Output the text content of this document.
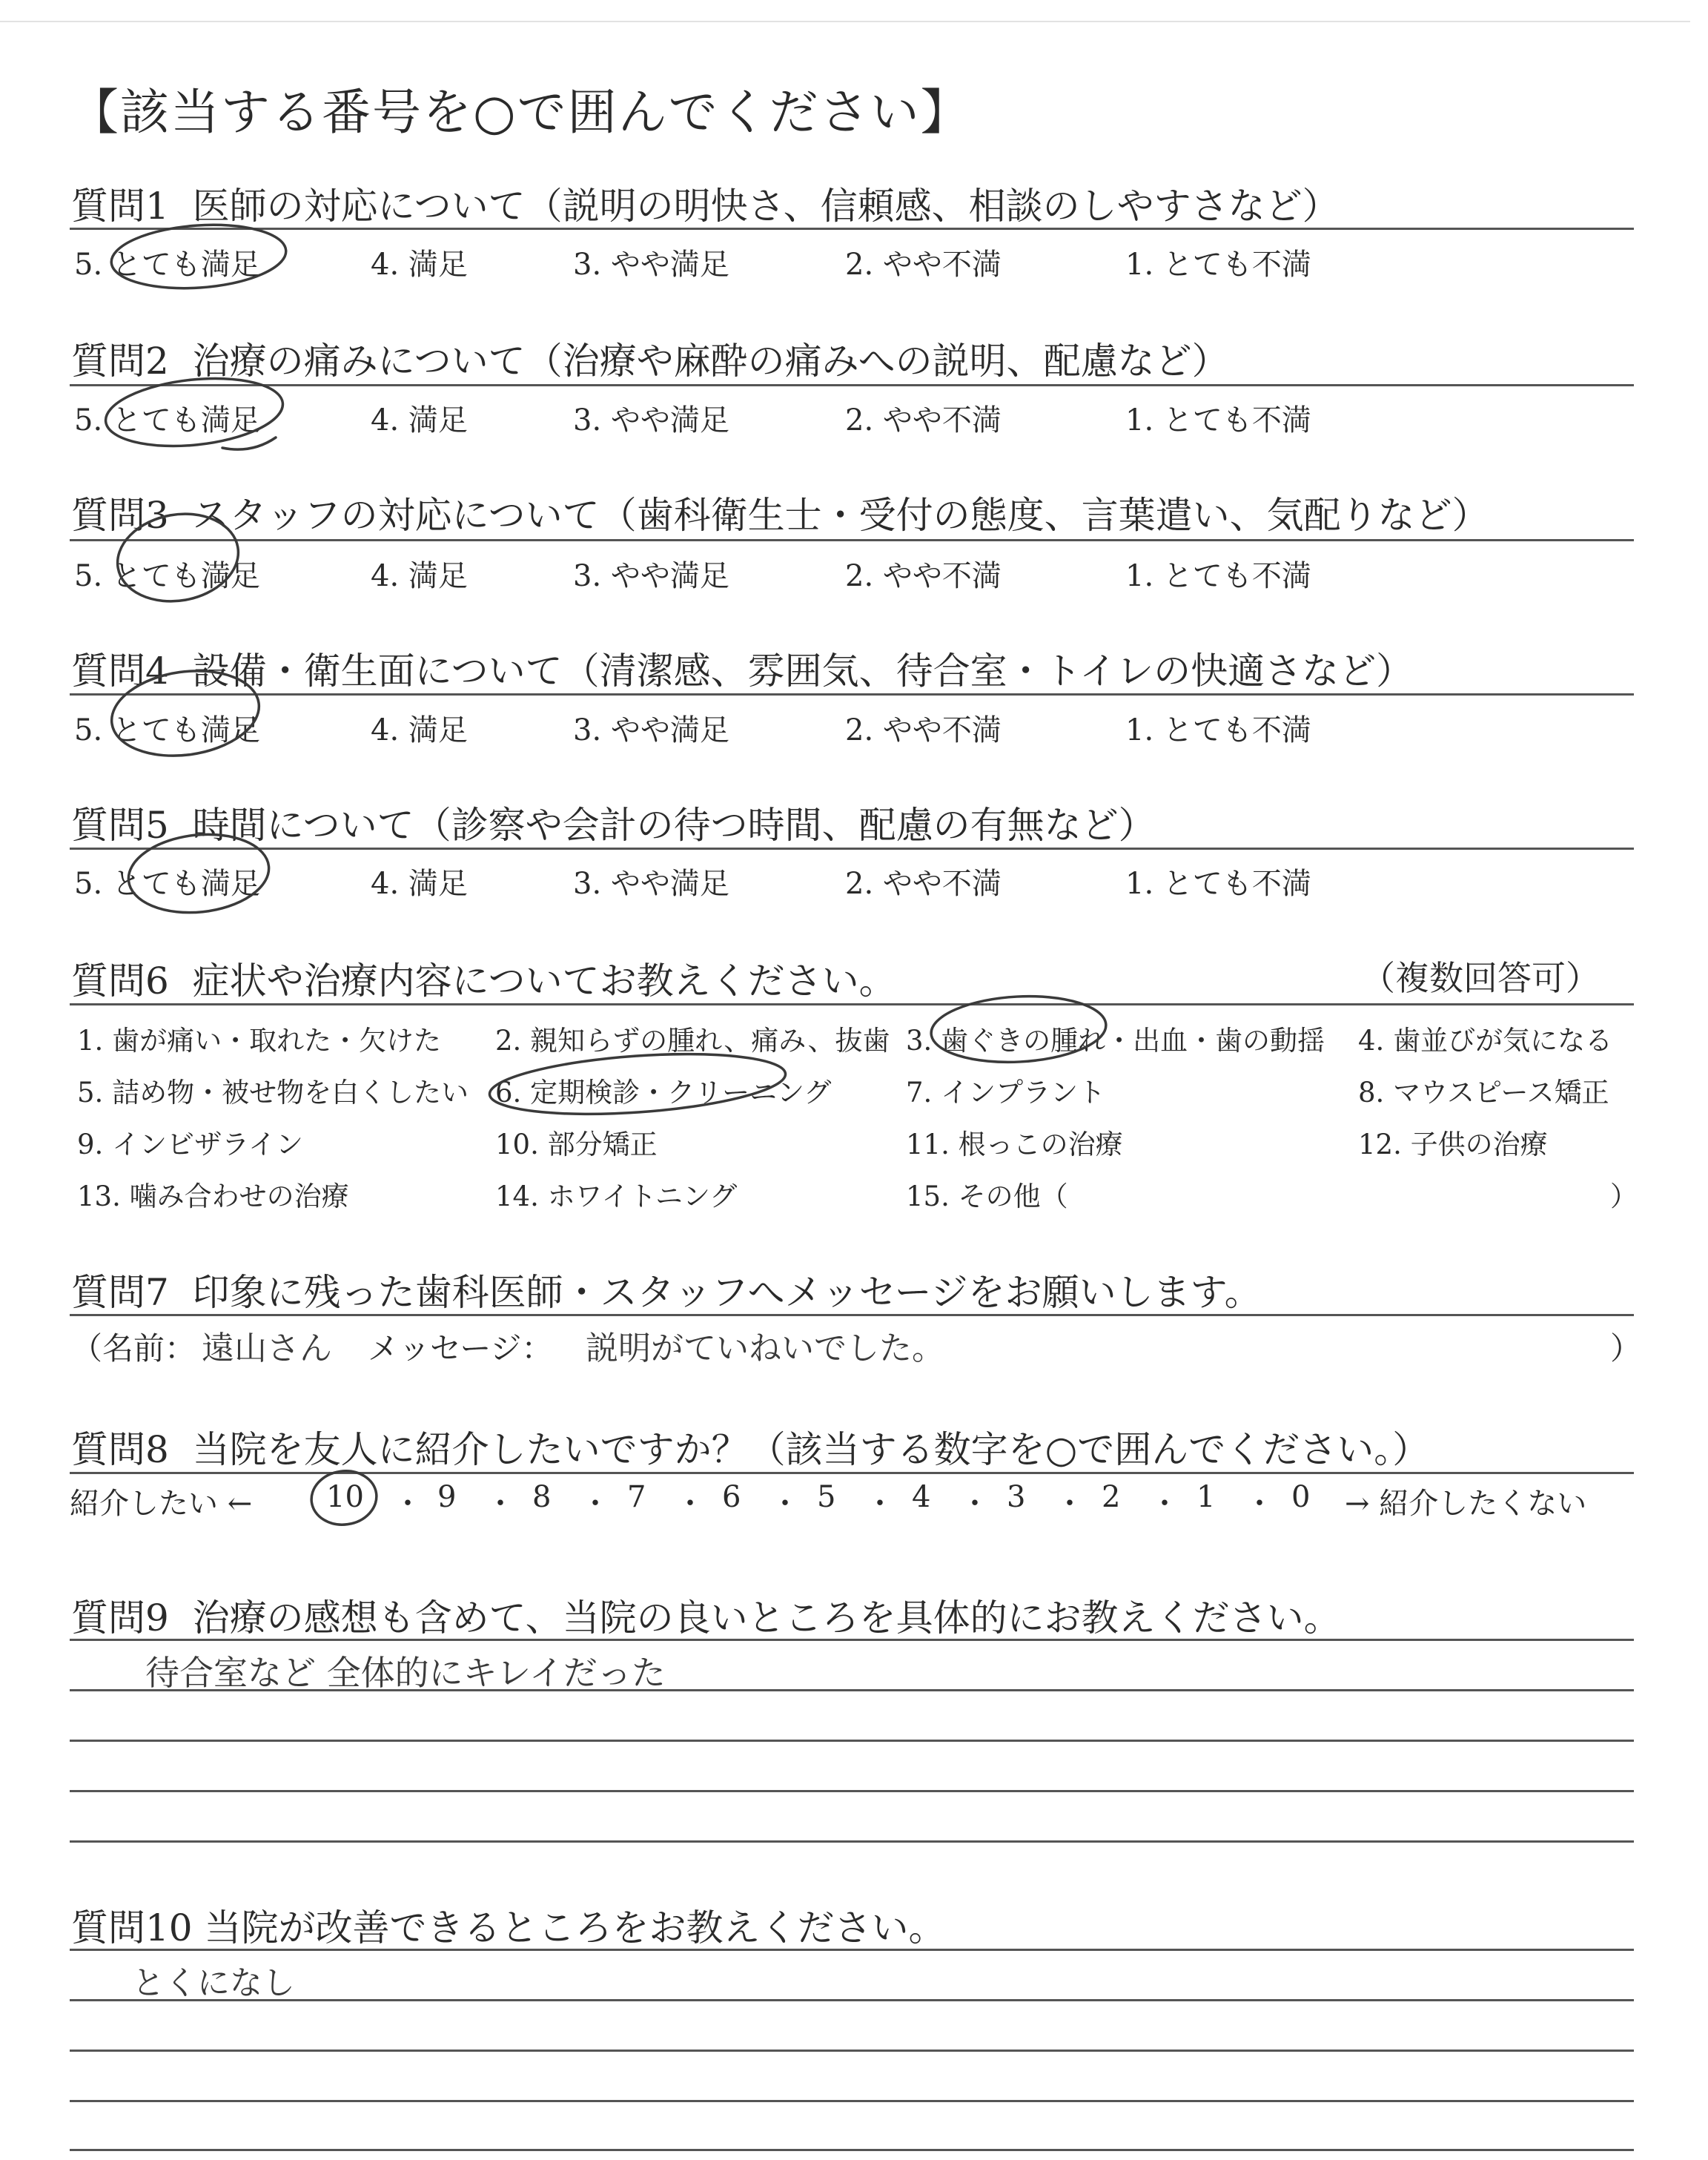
【該当する番号を○で囲んでください】
質問1 医師の対応について（説明の明快さ、信頼感、相談のしやすさなど）
5. とても満足	4. 満足	3. やや満足	2. やや不満	1. とても不満
質問2 治療の痛みについて（治療や麻酔の痛みへの説明、配慮など）
5. とても満足	4. 満足	3. やや満足	2. やや不満	1. とても不満
質問3 スタッフの対応について（歯科衛生士・受付の態度、言葉遣い、気配りなど）
5. とても満足	4. 満足	3. やや満足	2. やや不満	1. とても不満
質問4 設備・衛生面について（清潔感、雰囲気、待合室・トイレの快適さなど）
5. とても満足	4. 満足	3. やや満足	2. やや不満	1. とても不満
質問5 時間について（診察や会計の待つ時間、配慮の有無など）
5. とても満足	4. 満足	3. やや満足	2. やや不満	1. とても不満
質問6 症状や治療内容についてお教えください。	（複数回答可）
1. 歯が痛い・取れた・欠けた 2. 親知らずの腫れ、痛み、抜歯 3. 歯ぐきの腫れ・出血・歯の動揺 4. 歯並びが気になる
5. 詰め物・被せ物を白くしたい 6. 定期検診・クリーニング	7. インプラント	8. マウスピース矯正
9. インビザライン	10. 部分矯正	11. 根っこの治療	12. 子供の治療
13. 噛み合わせの治療	14. ホワイトニング	15. その他（	）
質問7 印象に残った歯科医師・スタッフへメッセージをお願いします。
（名前： 遠山さん メッセージ： 説明がていねいでした。	）
質問8 当院を友人に紹介したいですか？（該当する数字を○で囲んでください。）
紹介したい ← 10 ・ 9 ・ 8 ・ 7 ・ 6 ・ 5 ・ 4 ・ 3 ・ 2 ・ 1 ・ 0 → 紹介したくない
質問9 治療の感想も含めて、当院の良いところを具体的にお教えください。
待合室など 全体的にキレイだった
質問10 当院が改善できるところをお教えください。
とくになし
